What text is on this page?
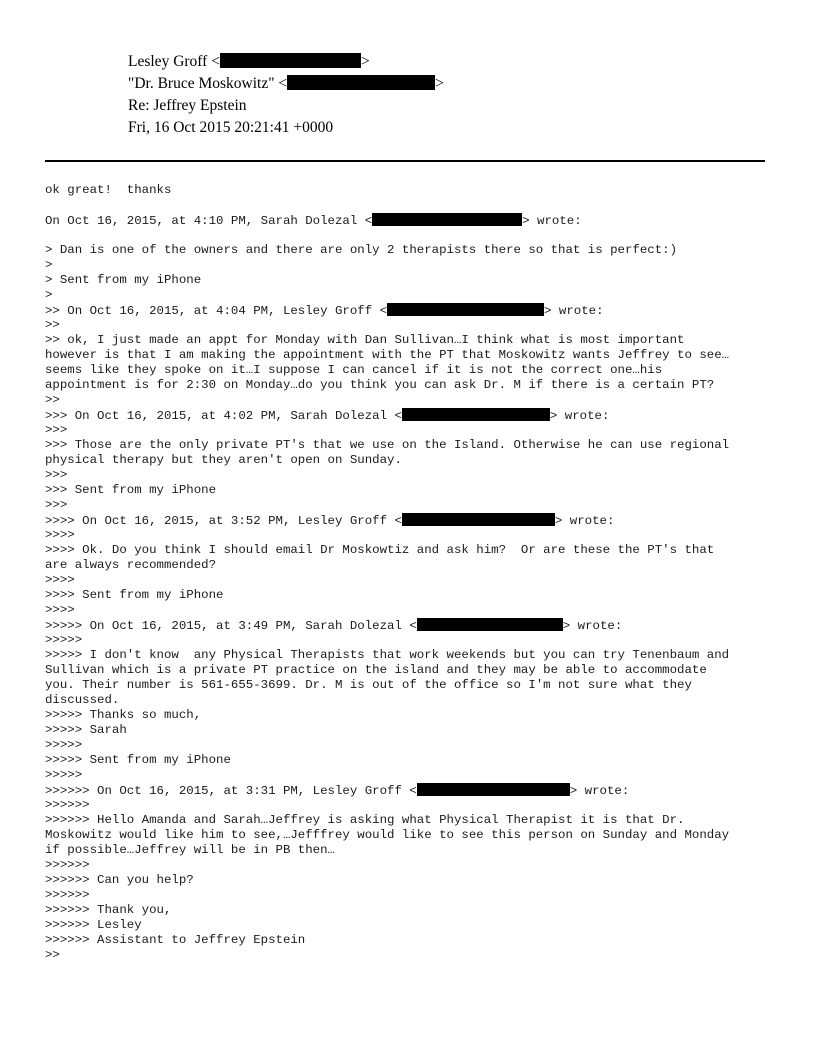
Lesley Groff <	>
"Dr. Bruce Moskowitz" <	>
Re: Jeffrey Epstein
Fri, 16 Oct 2015 20:21:41 +0000
ok great!  thanks
On Oct 16, 2015, at 4:10 PM, Sarah Dolezal <	> wrote:
> Dan is one of the owners and there are only 2 therapists there so that is perfect:)
>
> Sent from my iPhone
>
>> On Oct 16, 2015, at 4:04 PM, Lesley Groff <	> wrote:
>>
>> ok, I just made an appt for Monday with Dan Sullivan…I think what is most important
however is that I am making the appointment with the PT that Moskowitz wants Jeffrey to see…
seems like they spoke on it…I suppose I can cancel if it is not the correct one…his
appointment is for 2:30 on Monday…do you think you can ask Dr. M if there is a certain PT?
>>
>>> On Oct 16, 2015, at 4:02 PM, Sarah Dolezal <	> wrote:
>>>
>>> Those are the only private PT's that we use on the Island. Otherwise he can use regional
physical therapy but they aren't open on Sunday.
>>>
>>> Sent from my iPhone
>>>
>>>> On Oct 16, 2015, at 3:52 PM, Lesley Groff <	> wrote:
>>>>
>>>> Ok. Do you think I should email Dr Moskowtiz and ask him?  Or are these the PT's that
are always recommended?
>>>>
>>>> Sent from my iPhone
>>>>
>>>>> On Oct 16, 2015, at 3:49 PM, Sarah Dolezal <	> wrote:
>>>>>
>>>>> I don't know  any Physical Therapists that work weekends but you can try Tenenbaum and
Sullivan which is a private PT practice on the island and they may be able to accommodate
you. Their number is 561-655-3699. Dr. M is out of the office so I'm not sure what they
discussed.
>>>>> Thanks so much,
>>>>> Sarah
>>>>>
>>>>> Sent from my iPhone
>>>>>
>>>>>> On Oct 16, 2015, at 3:31 PM, Lesley Groff <	> wrote:
>>>>>>
>>>>>> Hello Amanda and Sarah…Jeffrey is asking what Physical Therapist it is that Dr.
Moskowitz would like him to see,…Jefffrey would like to see this person on Sunday and Monday
if possible…Jeffrey will be in PB then…
>>>>>>
>>>>>> Can you help?
>>>>>>
>>>>>> Thank you,
>>>>>> Lesley
>>>>>> Assistant to Jeffrey Epstein
>>
